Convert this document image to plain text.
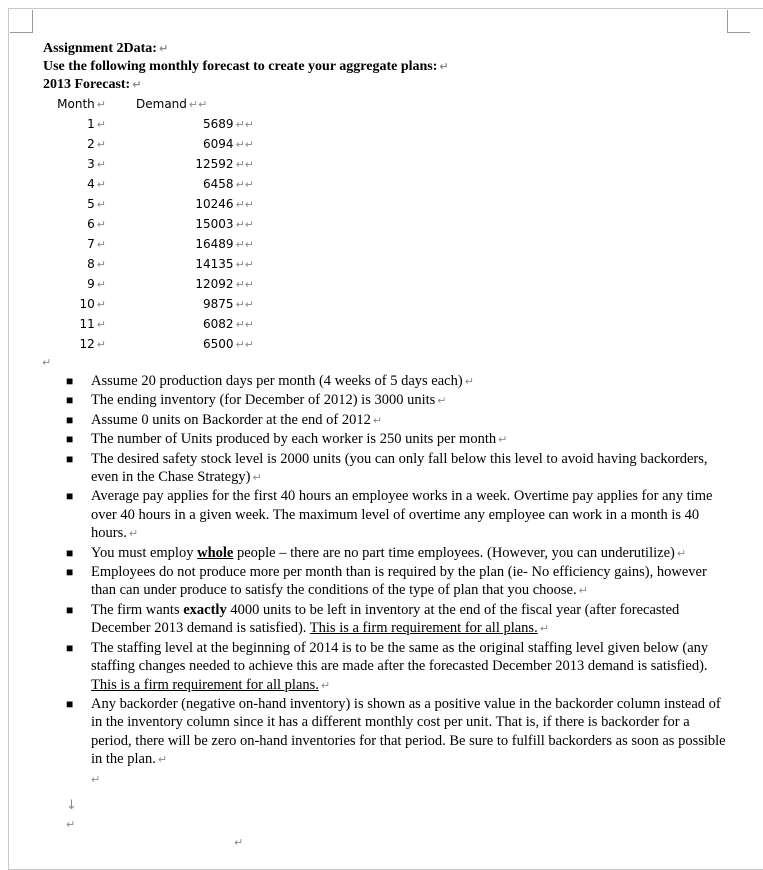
Assignment 2Data: ↵
Use the following monthly forecast to create your aggregate plans: ↵
2013 Forecast: ↵
Month ↵	Demand ↵↵
1 ↵	5689 ↵↵
2 ↵	6094 ↵↵
3 ↵	12592 ↵↵
4 ↵	6458 ↵↵
5 ↵	10246 ↵↵
6 ↵	15003 ↵↵
7 ↵	16489 ↵↵
8 ↵	14135 ↵↵
9 ↵	12092 ↵↵
10 ↵	9875 ↵↵
11 ↵	6082 ↵↵
12 ↵	6500 ↵↵
↵
■ Assume 20 production days per month (4 weeks of 5 days each) ↵
■ The ending inventory (for December of 2012) is 3000 units ↵
■ Assume 0 units on Backorder at the end of 2012 ↵
■ The number of Units produced by each worker is 250 units per month ↵
■ The desired safety stock level is 2000 units (you can only fall below this level to avoid having backorders, even in the Chase Strategy) ↵
■ Average pay applies for the first 40 hours an employee works in a week. Overtime pay applies for any time over 40 hours in a given week. The maximum level of overtime any employee can work in a month is 40 hours. ↵
■ You must employ whole people – there are no part time employees. (However, you can underutilize) ↵
■ Employees do not produce more per month than is required by the plan (ie- No efficiency gains), however than can under produce to satisfy the conditions of the type of plan that you choose. ↵
■ The firm wants exactly 4000 units to be left in inventory at the end of the fiscal year (after forecasted December 2013 demand is satisfied). This is a firm requirement for all plans. ↵
■ The staffing level at the beginning of 2014 is to be the same as the original staffing level given below (any staffing changes needed to achieve this are made after the forecasted December 2013 demand is satisfied). This is a firm requirement for all plans. ↵
■ Any backorder (negative on-hand inventory) is shown as a positive value in the backorder column instead of in the inventory column since it has a different monthly cost per unit. That is, if there is backorder for a period, there will be zero on-hand inventories for that period. Be sure to fulfill backorders as soon as possible in the plan. ↵
↵
↓
↵
↵
